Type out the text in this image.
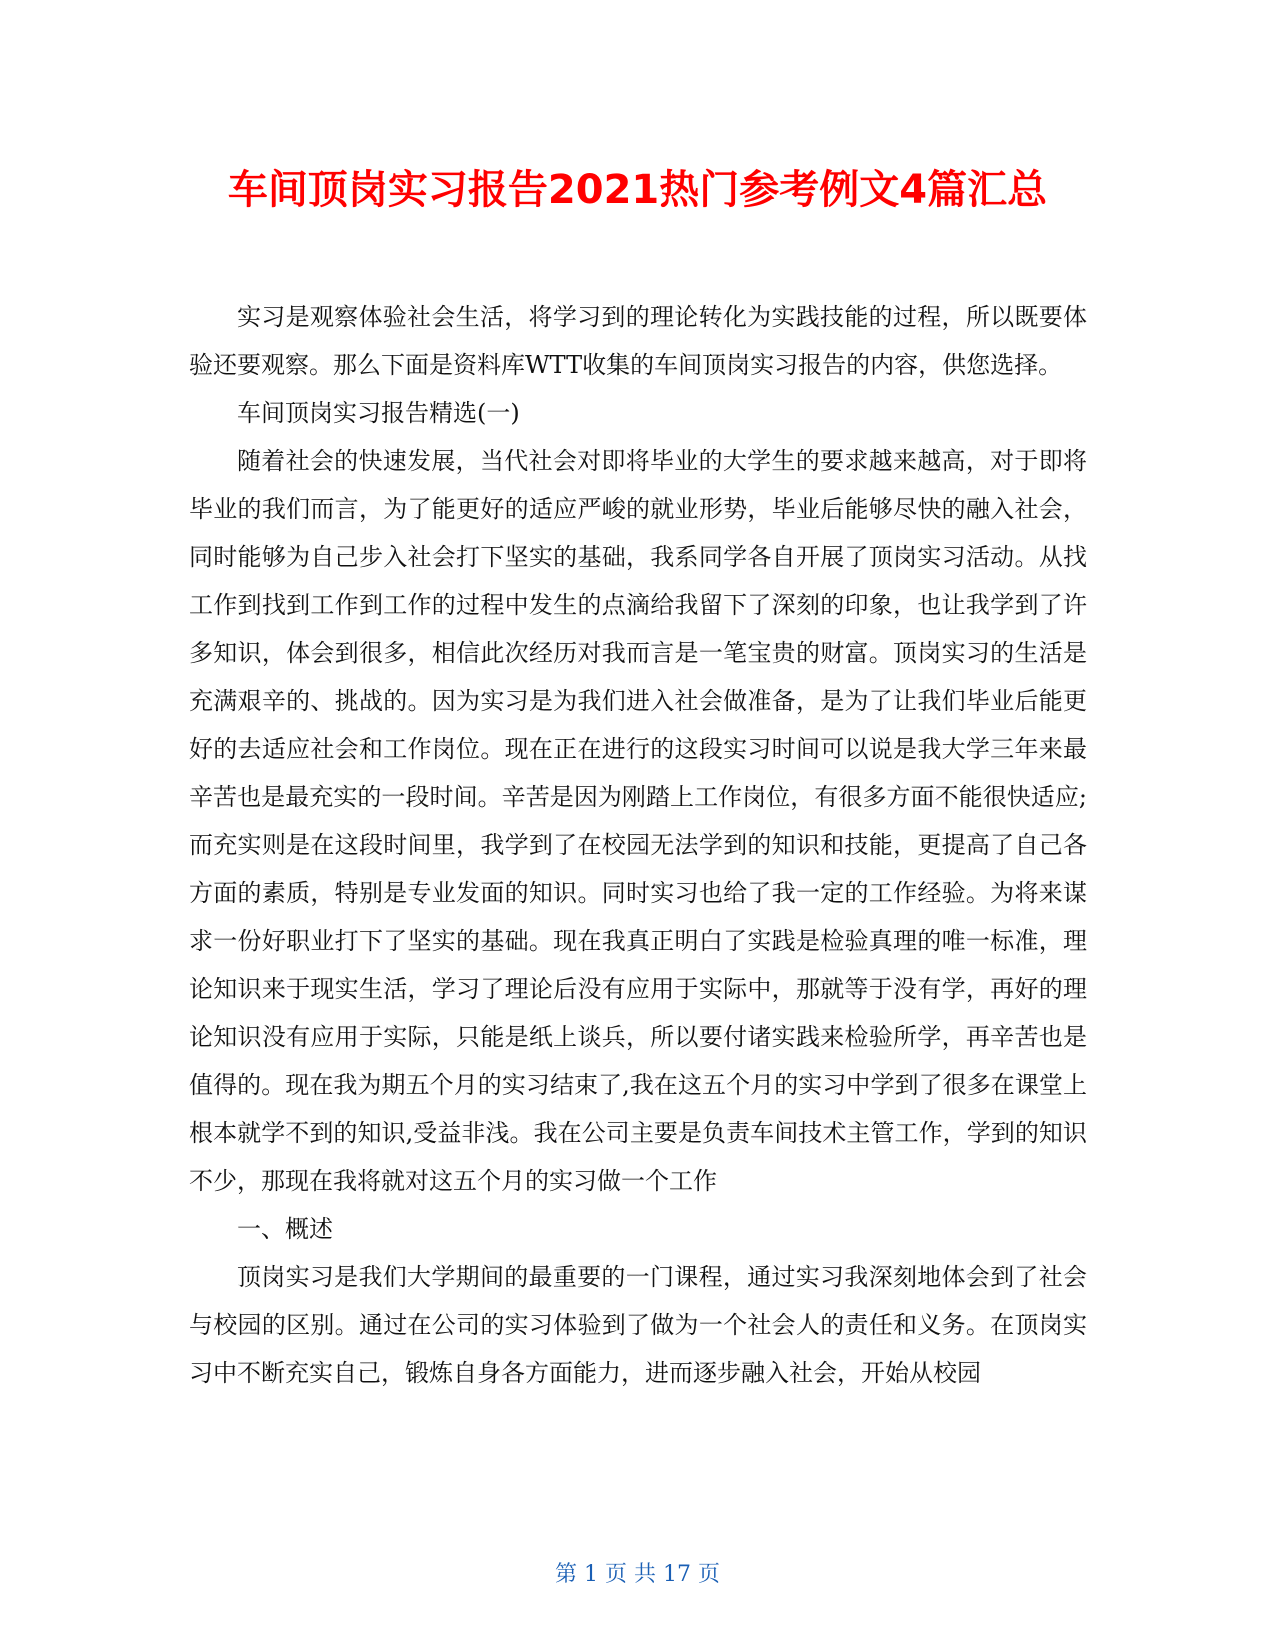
车间顶岗实习报告2021热门参考例文4篇汇总

实习是观察体验社会生活，将学习到的理论转化为实践技能的过程，所以既要体验还要观察。那么下面是资料库WTT收集的车间顶岗实习报告的内容，供您选择。

车间顶岗实习报告精选(一)

随着社会的快速发展，当代社会对即将毕业的大学生的要求越来越高，对于即将毕业的我们而言，为了能更好的适应严峻的就业形势，毕业后能够尽快的融入社会，同时能够为自己步入社会打下坚实的基础，我系同学各自开展了顶岗实习活动。从找工作到找到工作到工作的过程中发生的点滴给我留下了深刻的印象，也让我学到了许多知识，体会到很多，相信此次经历对我而言是一笔宝贵的财富。顶岗实习的生活是充满艰辛的、挑战的。因为实习是为我们进入社会做准备，是为了让我们毕业后能更好的去适应社会和工作岗位。现在正在进行的这段实习时间可以说是我大学三年来最辛苦也是最充实的一段时间。辛苦是因为刚踏上工作岗位，有很多方面不能很快适应;而充实则是在这段时间里，我学到了在校园无法学到的知识和技能，更提高了自己各方面的素质，特别是专业发面的知识。同时实习也给了我一定的工作经验。为将来谋求一份好职业打下了坚实的基础。现在我真正明白了实践是检验真理的唯一标准，理论知识来于现实生活，学习了理论后没有应用于实际中，那就等于没有学，再好的理论知识没有应用于实际，只能是纸上谈兵，所以要付诸实践来检验所学，再辛苦也是值得的。现在我为期五个月的实习结束了,我在这五个月的实习中学到了很多在课堂上根本就学不到的知识,受益非浅。我在公司主要是负责车间技术主管工作，学到的知识不少，那现在我将就对这五个月的实习做一个工作

一、概述

顶岗实习是我们大学期间的最重要的一门课程，通过实习我深刻地体会到了社会与校园的区别。通过在公司的实习体验到了做为一个社会人的责任和义务。在顶岗实习中不断充实自己，锻炼自身各方面能力，进而逐步融入社会，开始从校园

第 1 页 共 17 页
